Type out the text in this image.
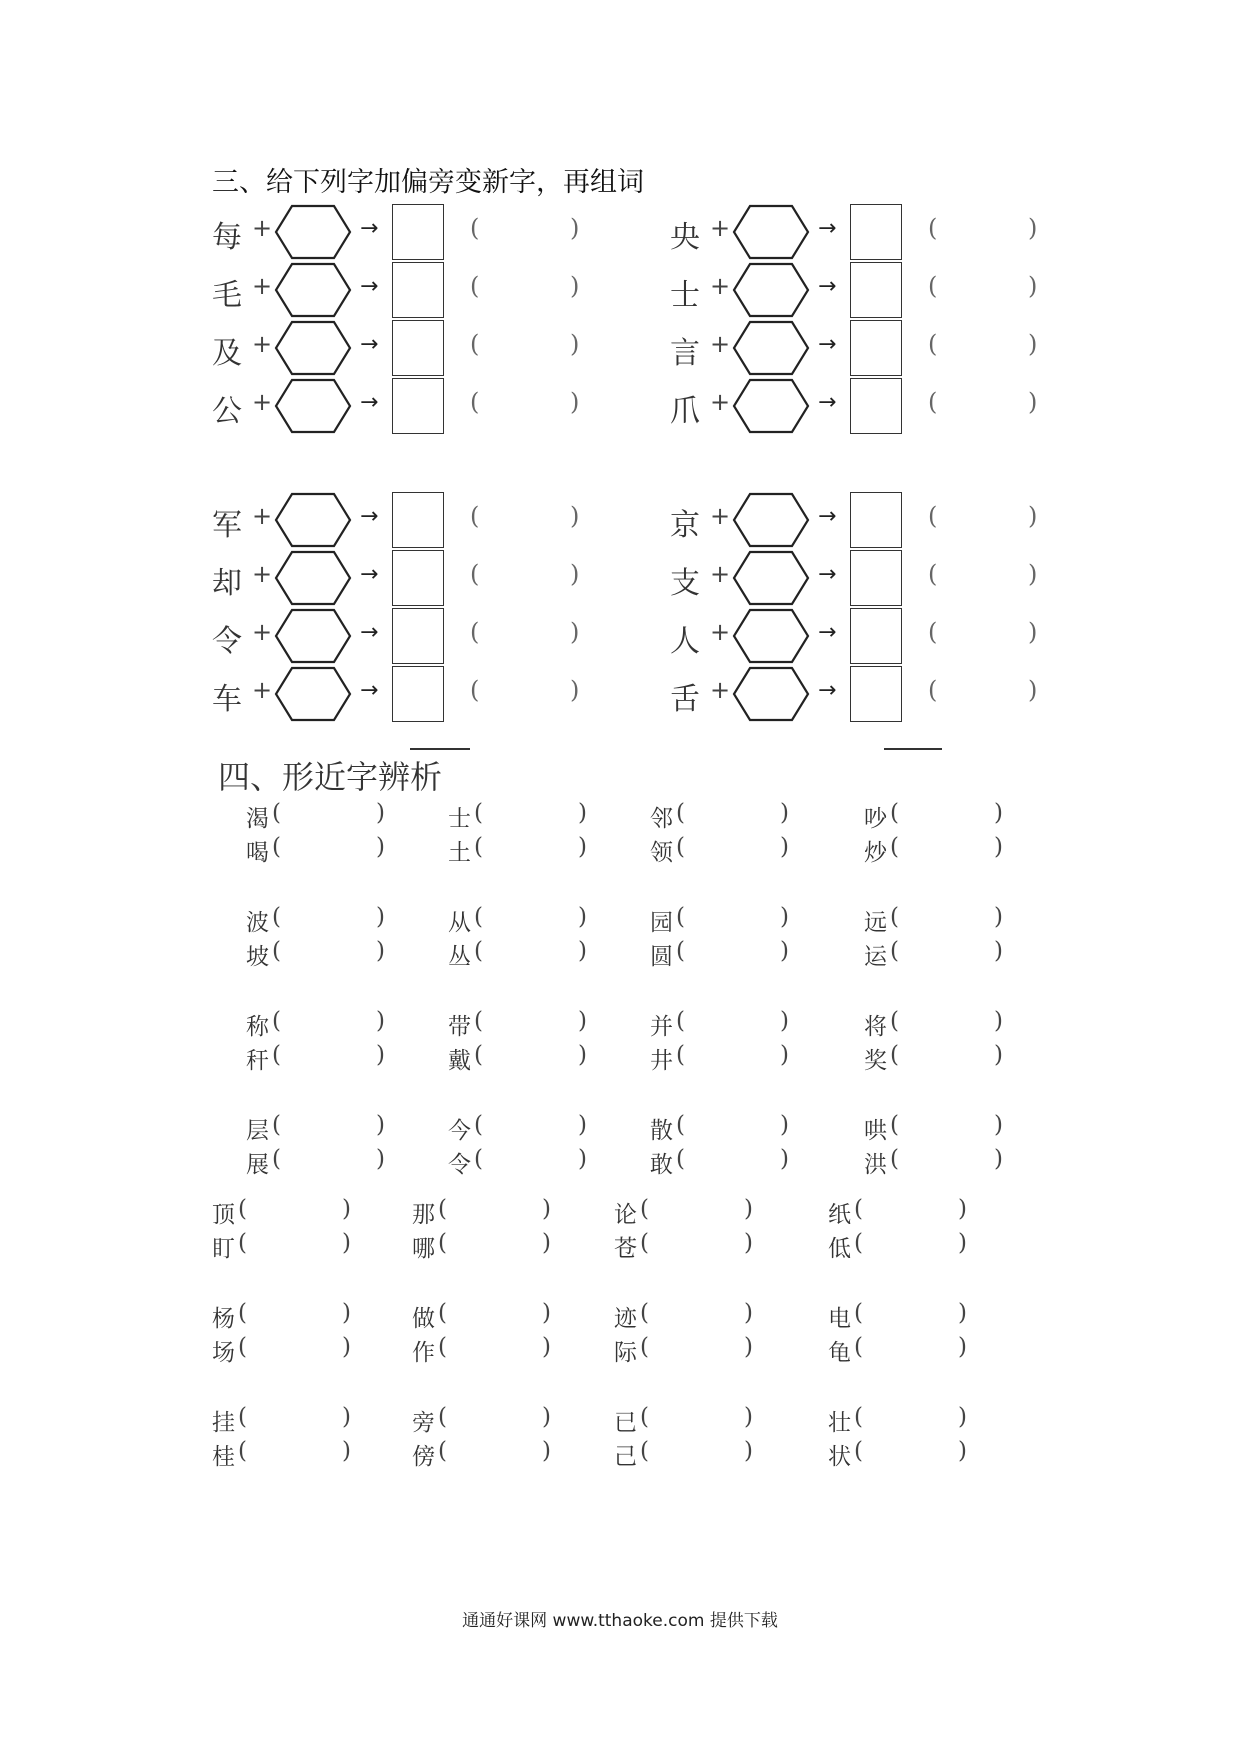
三、给下列字加偏旁变新字，再组词
每 +	→	(	)
毛 +	→	(	)
及 +	→	(	)
公 +	→	(	)
央 +	→	(	)
士 +	→	(	)
言 +	→	(	)
爪 +	→	(	)
军 +	→	(	)
却 +	→	(	)
令 +	→	(	)
车 +	→	(	)
京 +	→	(	)
支 +	→	(	)
人 +	→	(	)
舌 +	→	(	)
四、形近字辨析
渴 (	)
喝 (	)
士 (	)
土 (	)
邻 (	)
领 (	)
吵 (	)
炒 (	)
波 (	)
坡 (	)
从 (	)
丛 (	)
园 (	)
圆 (	)
远 (	)
运 (	)
称 (	)
秆 (	)
带 (	)
戴 (	)
并 (	)
井 (	)
将 (	)
奖 (	)
层 (	)
展 (	)
今 (	)
令 (	)
散 (	)
敢 (	)
哄 (	)
洪 (	)
顶 (	)
盯 (	)
那 (	)
哪 (	)
论 (	)
苍 (	)
纸 (	)
低 (	)
杨 (	)
场 (	)
做 (	)
作 (	)
迹 (	)
际 (	)
电 (	)
龟 (	)
挂 (	)
桂 (	)
旁 (	)
傍 (	)
已 (	)
己 (	)
壮 (	)
状 (	)
通通好课网 www.tthaoke.com 提供下载
